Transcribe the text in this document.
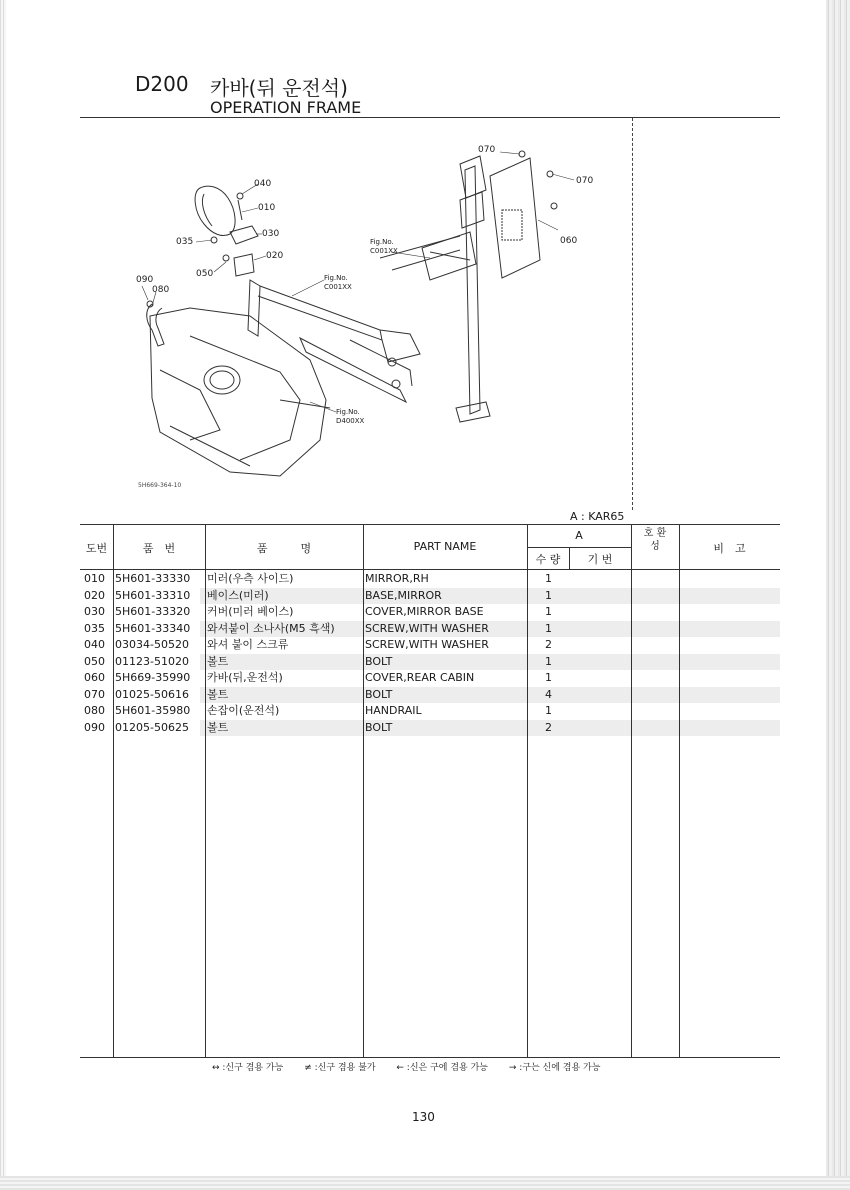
D200 카바(뒤 운전석)
OPERATION FRAME
070
070
060
040
010
030
035
020
050
090
080
Fig.No.
C001XX
Fig.No.
C001XX
Fig.No.
D400XX
5H669-364-10
A : KAR65
도번	품　번	품　　　명	PART NAME
A
수 량	기 번
호 환 성	비　고
010 5H601-33330 미러(우측 사이드)	MIRROR,RH	1
020 5H601-33310 베이스(미러)	BASE,MIRROR	1
030 5H601-33320 커버(미러 베이스)	COVER,MIRROR BASE	1
035 5H601-33340 와셔붙이 소나사(M5 흑색)	SCREW,WITH WASHER	1
040 03034-50520 와셔 붙이 스크류	SCREW,WITH WASHER	2
050 01123-51020 볼트	BOLT	1
060 5H669-35990 카바(뒤,운전석)	COVER,REAR CABIN	1
070 01025-50616 볼트	BOLT	4
080 5H601-35980 손잡이(운전석)	HANDRAIL	1
090 01205-50625 볼트	BOLT	2
↔ :신구 겸용 가능 ≠ :신구 겸용 불가 ← :신은 구에 겸용 가능 → :구는 신에 겸용 가능
130
